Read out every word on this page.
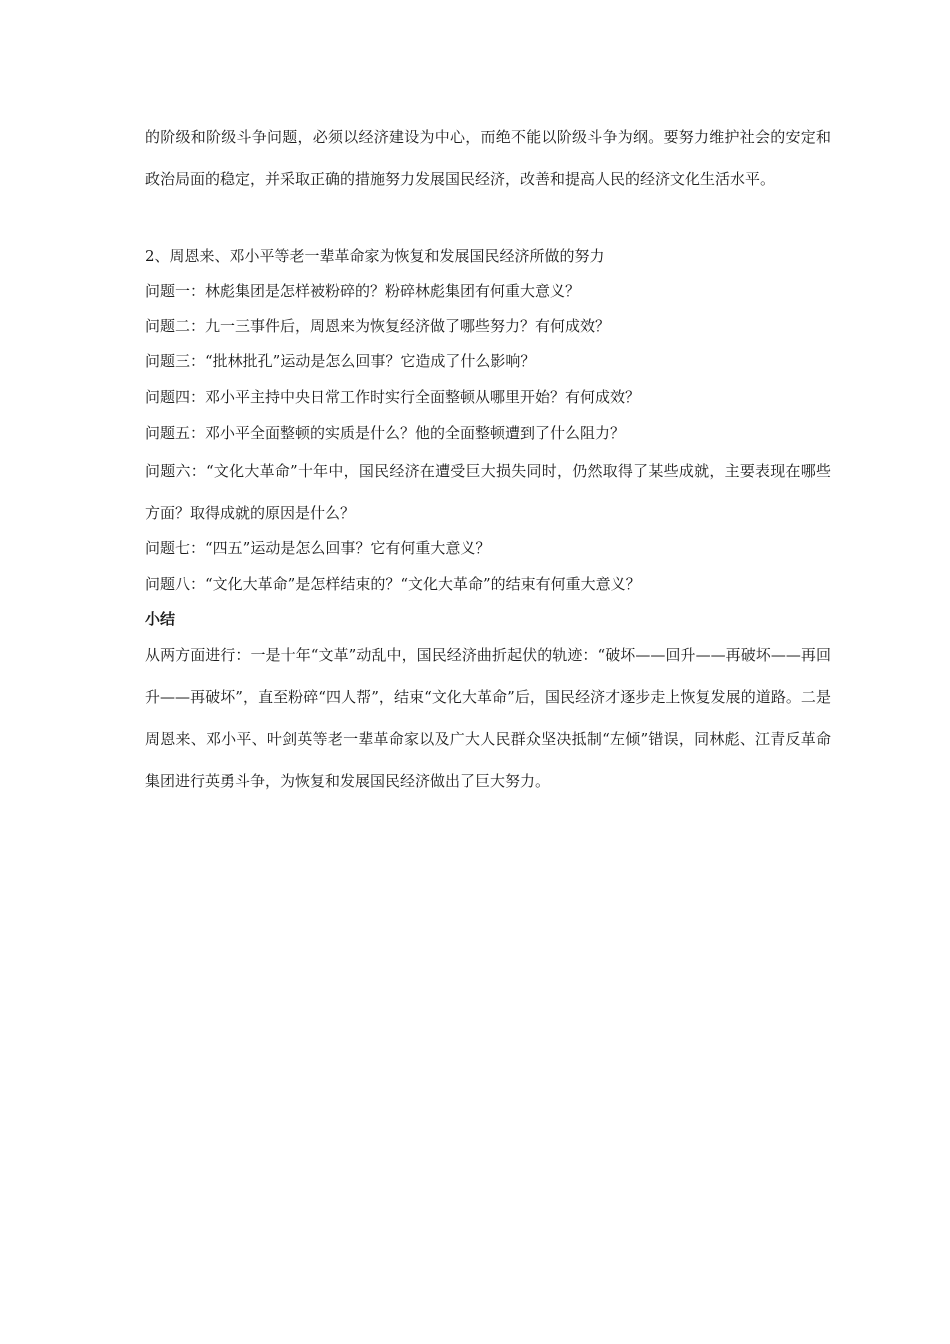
的阶级和阶级斗争问题，必须以经济建设为中心，而绝不能以阶级斗争为纲。要努力维护社会的安定和政治局面的稳定，并采取正确的措施努力发展国民经济，改善和提高人民的经济文化生活水平。

2、周恩来、邓小平等老一辈革命家为恢复和发展国民经济所做的努力

问题一：林彪集团是怎样被粉碎的？粉碎林彪集团有何重大意义？

问题二：九一三事件后，周恩来为恢复经济做了哪些努力？有何成效？

问题三：“批林批孔”运动是怎么回事？它造成了什么影响？

问题四：邓小平主持中央日常工作时实行全面整顿从哪里开始？有何成效？

问题五：邓小平全面整顿的实质是什么？他的全面整顿遭到了什么阻力？

问题六：“文化大革命”十年中，国民经济在遭受巨大损失同时，仍然取得了某些成就，主要表现在哪些方面？取得成就的原因是什么？

问题七：“四五”运动是怎么回事？它有何重大意义？

问题八：“文化大革命”是怎样结束的？“文化大革命”的结束有何重大意义？

小结

从两方面进行：一是十年“文革”动乱中，国民经济曲折起伏的轨迹：“破坏——回升——再破坏——再回升——再破坏”，直至粉碎“四人帮”，结束“文化大革命”后，国民经济才逐步走上恢复发展的道路。二是周恩来、邓小平、叶剑英等老一辈革命家以及广大人民群众坚决抵制“左倾”错误，同林彪、江青反革命集团进行英勇斗争，为恢复和发展国民经济做出了巨大努力。
